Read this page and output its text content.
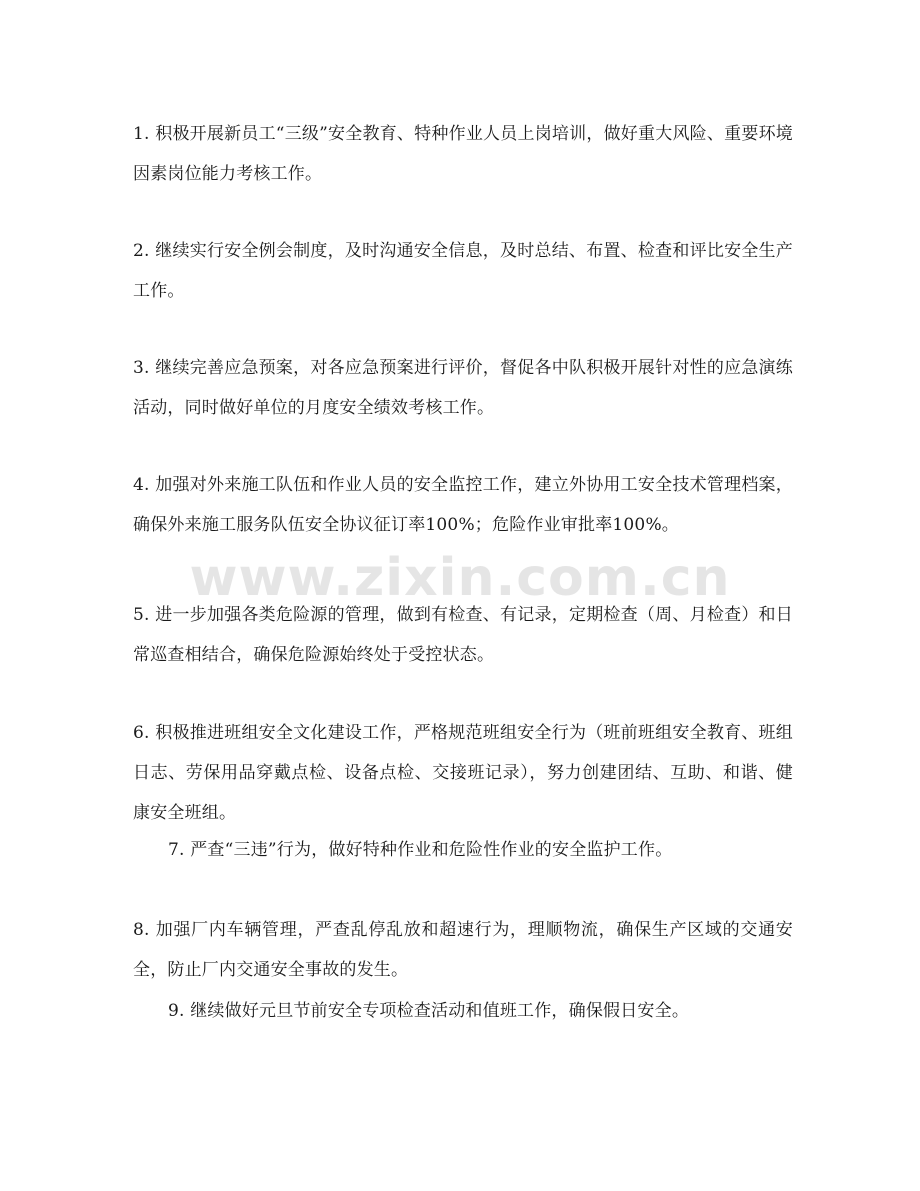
1. 积极开展新员工“三级”安全教育、特种作业人员上岗培训，做好重大风险、重要环境因素岗位能力考核工作。

2. 继续实行安全例会制度，及时沟通安全信息，及时总结、布置、检查和评比安全生产工作。

3. 继续完善应急预案，对各应急预案进行评价，督促各中队积极开展针对性的应急演练活动，同时做好单位的月度安全绩效考核工作。

4. 加强对外来施工队伍和作业人员的安全监控工作，建立外协用工安全技术管理档案，确保外来施工服务队伍安全协议征订率100%；危险作业审批率100%。

5. 进一步加强各类危险源的管理，做到有检查、有记录，定期检查（周、月检查）和日常巡查相结合，确保危险源始终处于受控状态。

6. 积极推进班组安全文化建设工作，严格规范班组安全行为（班前班组安全教育、班组日志、劳保用品穿戴点检、设备点检、交接班记录），努力创建团结、互助、和谐、健康安全班组。

7. 严查“三违”行为，做好特种作业和危险性作业的安全监护工作。

8. 加强厂内车辆管理，严查乱停乱放和超速行为，理顺物流，确保生产区域的交通安全，防止厂内交通安全事故的发生。

9. 继续做好元旦节前安全专项检查活动和值班工作，确保假日安全。

www.zixin.com.cn
